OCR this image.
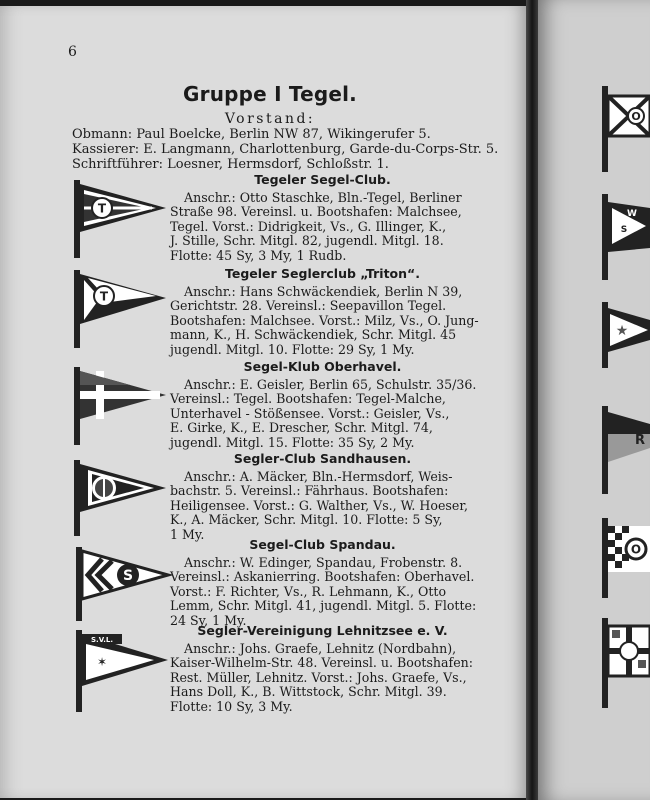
6
Gruppe I Tegel.
Vorstand:
Obmann: Paul Boelcke, Berlin NW 87, Wikingerufer 5.
Kassierer: E. Langmann, Charlottenburg, Garde-du-Corps-Str. 5.
Schriftführer: Loesner, Hermsdorf, Schloßstr. 1.
Tegeler Segel-Club.
Anschr.: Otto Staschke, Bln.-Tegel, Berliner
Straße 98. Vereinsl. u. Bootshafen: Malchsee,
Tegel. Vorst.: Didrigkeit, Vs., G. Illinger, K.,
J. Stille, Schr. Mitgl. 82, jugendl. Mitgl. 18.
Flotte: 45 Sy, 3 My, 1 Rudb.
Tegeler Seglerclub „Triton“.
Anschr.: Hans Schwäckendiek, Berlin N 39,
Gerichtstr. 28. Vereinsl.: Seepavillon Tegel.
Bootshafen: Malchsee. Vorst.: Milz, Vs., O. Jung-
mann, K., H. Schwäckendiek, Schr. Mitgl. 45
jugendl. Mitgl. 10. Flotte: 29 Sy, 1 My.
Segel-Klub Oberhavel.
Anschr.: E. Geisler, Berlin 65, Schulstr. 35/36.
Vereinsl.: Tegel. Bootshafen: Tegel-Malche,
Unterhavel - Stößensee. Vorst.: Geisler, Vs.,
E. Girke, K., E. Drescher, Schr. Mitgl. 74,
jugendl. Mitgl. 15. Flotte: 35 Sy, 2 My.
Segler-Club Sandhausen.
Anschr.: A. Mäcker, Bln.-Hermsdorf, Weis-
bachstr. 5. Vereinsl.: Fährhaus. Bootshafen:
Heiligensee. Vorst.: G. Walther, Vs., W. Hoeser,
K., A. Mäcker, Schr. Mitgl. 10. Flotte: 5 Sy,
1 My.
Segel-Club Spandau.
Anschr.: W. Edinger, Spandau, Frobenstr. 8.
Vereinsl.: Askanierring. Bootshafen: Oberhavel.
Vorst.: F. Richter, Vs., R. Lehmann, K., Otto
Lemm, Schr. Mitgl. 41, jugendl. Mitgl. 5. Flotte:
24 Sy, 1 My.
Segler-Vereinigung Lehnitzsee e. V.
Anschr.: Johs. Graefe, Lehnitz (Nordbahn),
Kaiser-Wilhelm-Str. 48. Vereinsl. u. Bootshafen:
Rest. Müller, Lehnitz. Vorst.: Johs. Graefe, Vs.,
Hans Doll, K., B. Wittstock, Schr. Mitgl. 39.
Flotte: 10 Sy, 3 My.
T
T
S
S.V.L.
✶
O
W
S
★
R
O
